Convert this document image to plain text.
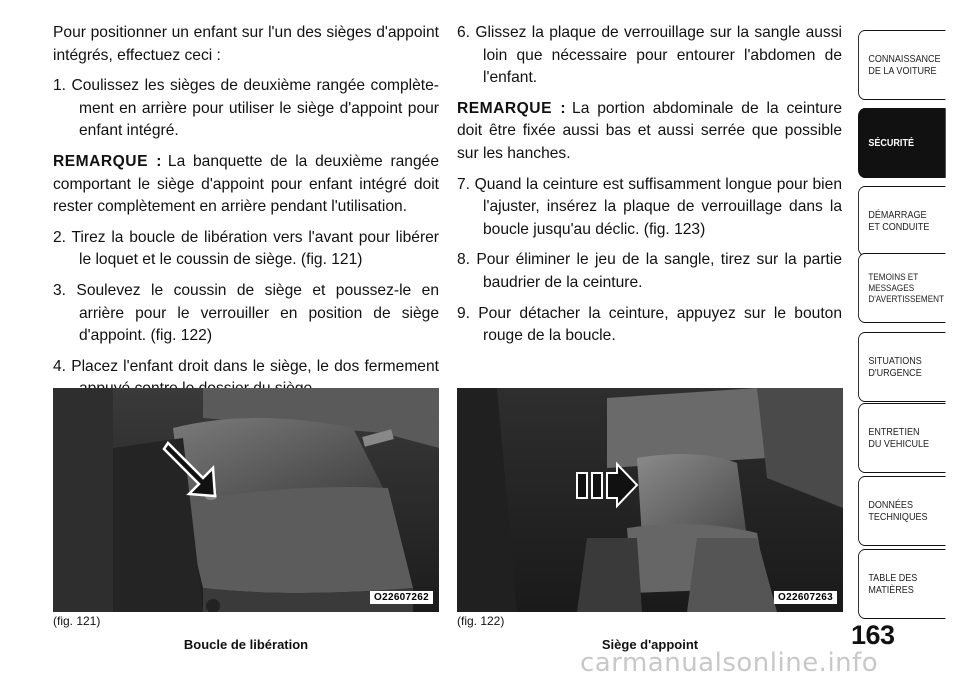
Pour positionner un enfant sur l'un des sièges d'appoint intégrés, effectuez ceci :

1. Coulissez les sièges de deuxième rangée complète-ment en arrière pour utiliser le siège d'appoint pour enfant intégré.

REMARQUE : La banquette de la deuxième rangée comportant le siège d'appoint pour enfant intégré doit rester complètement en arrière pendant l'utilisation.

2. Tirez la boucle de libération vers l'avant pour libérer le loquet et le coussin de siège. (fig. 121)

3. Soulevez le coussin de siège et poussez-le en arrière pour le verrouiller en position de siège d'appoint. (fig. 122)

4. Placez l'enfant droit dans le siège, le dos fermement

6. Glissez la plaque de verrouillage sur la sangle aussi loin que nécessaire pour entourer l'abdomen de l'enfant.

REMARQUE : La portion abdominale de la ceinture doit être fixée aussi bas et aussi serrée que possible sur les hanches.

7. Quand la ceinture est suffisamment longue pour bien l'ajuster, insérez la plaque de verrouillage dans la boucle jusqu'au déclic. (fig. 123)

8. Pour éliminer le jeu de la sangle, tirez sur la partie baudrier de la ceinture.

9. Pour détacher la ceinture, appuyez sur le bouton rouge de la boucle.

O22607262	O22607263
(fig. 121)
Boucle de libération
(fig. 122)
Siège d'appoint	163
CONNAISSANCE
DE LA VOITURE
SÉCURITÉ
DÉMARRAGE
ET CONDUITE
TEMOINS ET
MESSAGES
D'AVERTISSEMENT
SITUATIONS
D'URGENCE
ENTRETIEN
DU VEHICULE
DONNÉES
TECHNIQUES
TABLE DES
MATIÈRES
carmanualsonline.info
